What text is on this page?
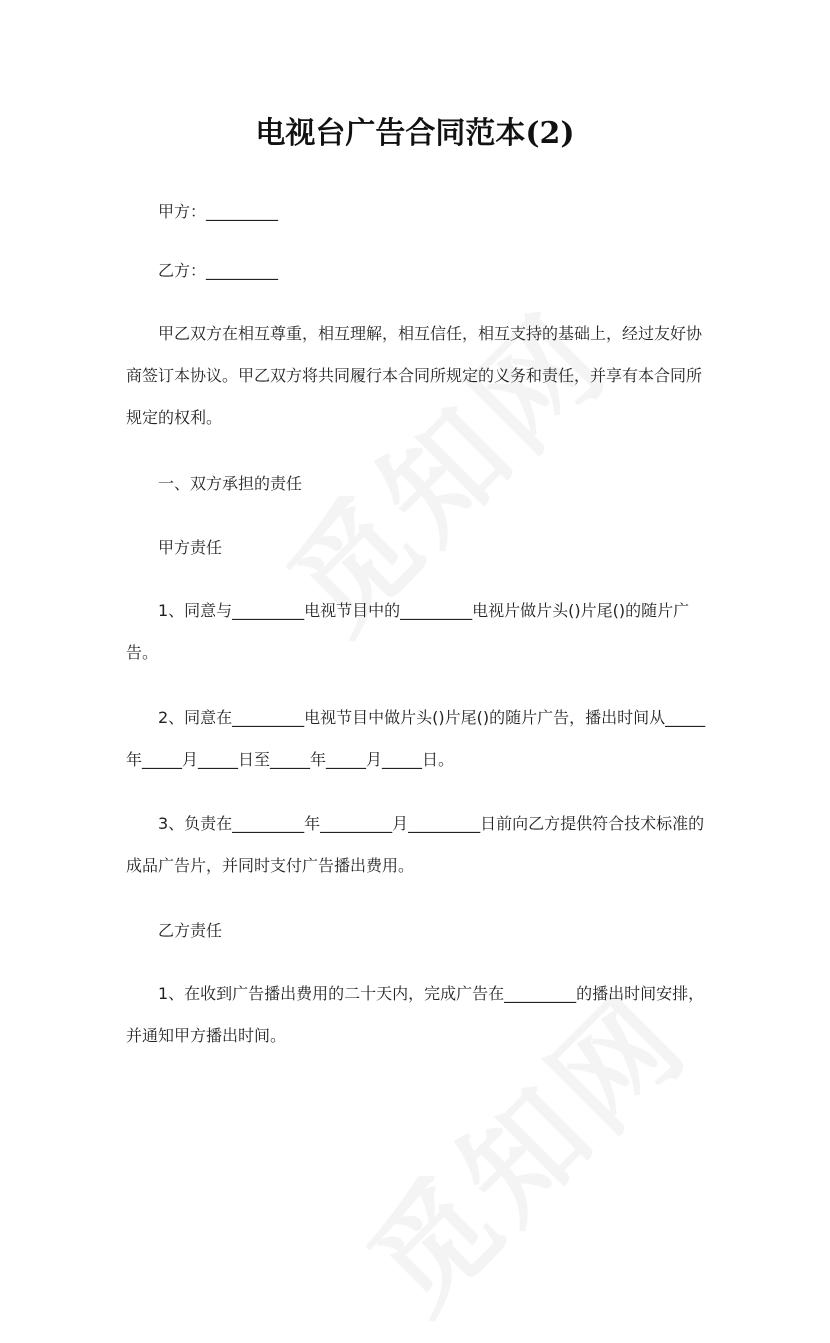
电视台广告合同范本(2)

甲方：_________

乙方：_________

甲乙双方在相互尊重，相互理解，相互信任，相互支持的基础上，经过友好协商签订本协议。甲乙双方将共同履行本合同所规定的义务和责任，并享有本合同所规定的权利。

一、双方承担的责任

甲方责任

1、同意与_________电视节目中的_________电视片做片头()片尾()的随片广告。

2、同意在_________电视节目中做片头()片尾()的随片广告，播出时间从_____年_____月_____日至_____年_____月_____日。

3、负责在_________年_________月_________日前向乙方提供符合技术标准的成品广告片，并同时支付广告播出费用。

乙方责任

1、在收到广告播出费用的二十天内，完成广告在_________的播出时间安排，并通知甲方播出时间。
